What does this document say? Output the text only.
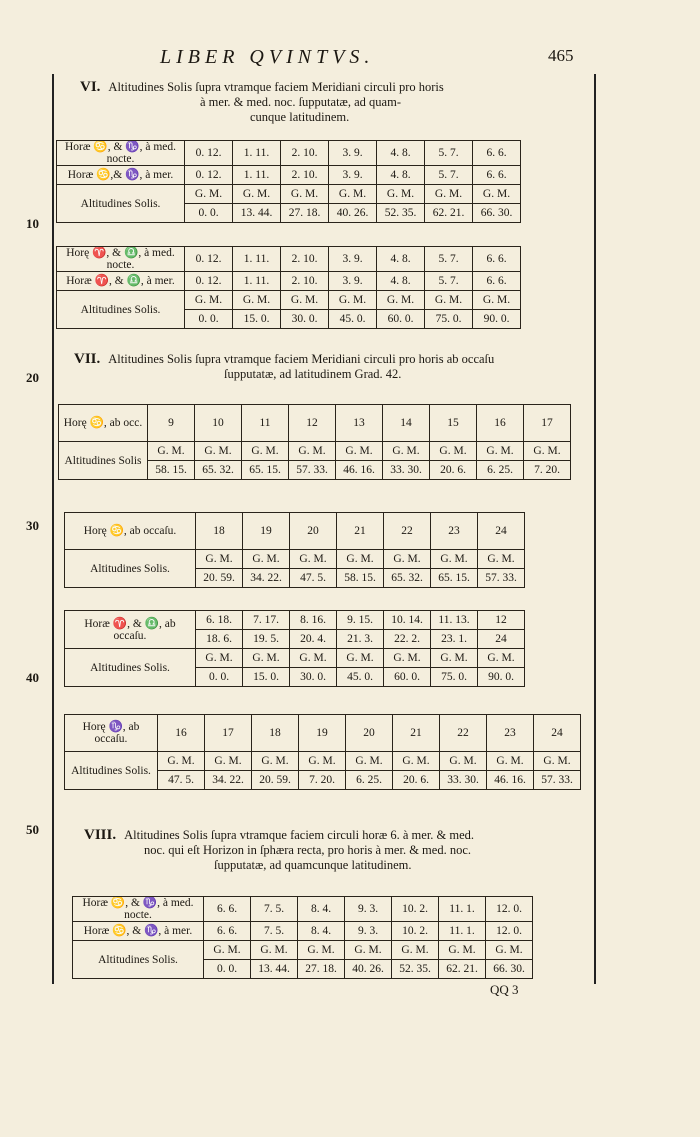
LIBER QVINTVS.	465
10
20
30
40
50
VI. Altitudines Solis ſupra vtramque faciem Meridiani circuli pro horis
à mer. & med. noc. ſupputatæ, ad quam-
cunque latitudinem.
Horæ ♋, & ♑, à med. noctе.	0. 12.	1. 11.	2. 10.	3. 9.	4. 8.	5. 7.	6. 6.
Horæ ♋,& ♑, à mer.	0. 12.	1. 11.	2. 10.	3. 9.	4. 8.	5. 7.	6. 6.
Altitudines Solis.	G. M.	G. M.	G. M.	G. M.	G. M.	G. M.	G. M.
	0. 0.	13. 44.	27. 18.	40. 26.	52. 35.	62. 21.	66. 30.
Horę ♈, & ♎, à med. nocte.	0. 12.	1. 11.	2. 10.	3. 9.	4. 8.	5. 7.	6. 6.
Horæ ♈, & ♎, à mer.	0. 12.	1. 11.	2. 10.	3. 9.	4. 8.	5. 7.	6. 6.
Altitudines Solis.	G. M.	G. M.	G. M.	G. M.	G. M.	G. M.	G. M.
	0. 0.	15. 0.	30. 0.	45. 0.	60. 0.	75. 0.	90. 0.
VII. Altitudines Solis ſupra vtramque faciem Meridiani circuli pro horis ab occaſu
ſupputatæ, ad latitudinem Grad. 42.
Horę ♋, ab occ.	9	10	11	12	13	14	15	16	17
Altitudines Solis	G. M.	G. M.	G. M.	G. M.	G. M.	G. M.	G. M.	G. M.	G. M.
	58. 15.	65. 32.	65. 15.	57. 33.	46. 16.	33. 30.	20. 6.	6. 25.	7. 20.
Horę ♋, ab occaſu.	18	19	20	21	22	23	24
Altitudines Solis.	G. M.	G. M.	G. M.	G. M.	G. M.	G. M.	G. M.
	20. 59.	34. 22.	47. 5.	58. 15.	65. 32.	65. 15.	57. 33.
Horæ ♈, & ♎, ab occaſu.	6. 18.	7. 17.	8. 16.	9. 15.	10. 14.	11. 13.	12
	18. 6.	19. 5.	20. 4.	21. 3.	22. 2.	23. 1.	24
Altitudines Solis.	G. M.	G. M.	G. M.	G. M.	G. M.	G. M.	G. M.
	0. 0.	15. 0.	30. 0.	45. 0.	60. 0.	75. 0.	90. 0.
Horę ♑, ab occaſu.	16	17	18	19	20	21	22	23	24
Altitudines Solis.	G. M.	G. M.	G. M.	G. M.	G. M.	G. M.	G. M.	G. M.	G. M.
	47. 5.	34. 22.	20. 59.	7. 20.	6. 25.	20. 6.	33. 30.	46. 16.	57. 33.
VIII. Altitudines Solis ſupra vtramque faciem circuli horæ 6. à mer. & med.
noc. qui eſt Horizon in ſphæra recta, pro horis à mer. & med. noc.
ſupputatæ, ad quamcunque latitudinem.
Horæ ♋, & ♑, à med. nocte.	6. 6.	7. 5.	8. 4.	9. 3.	10. 2.	11. 1.	12. 0.
Horæ ♋, & ♑, à mer.	6. 6.	7. 5.	8. 4.	9. 3.	10. 2.	11. 1.	12. 0.
Altitudines Solis.	G. M.	G. M.	G. M.	G. M.	G. M.	G. M.	G. M.
	0. 0.	13. 44.	27. 18.	40. 26.	52. 35.	62. 21.	66. 30.
QQ 3
